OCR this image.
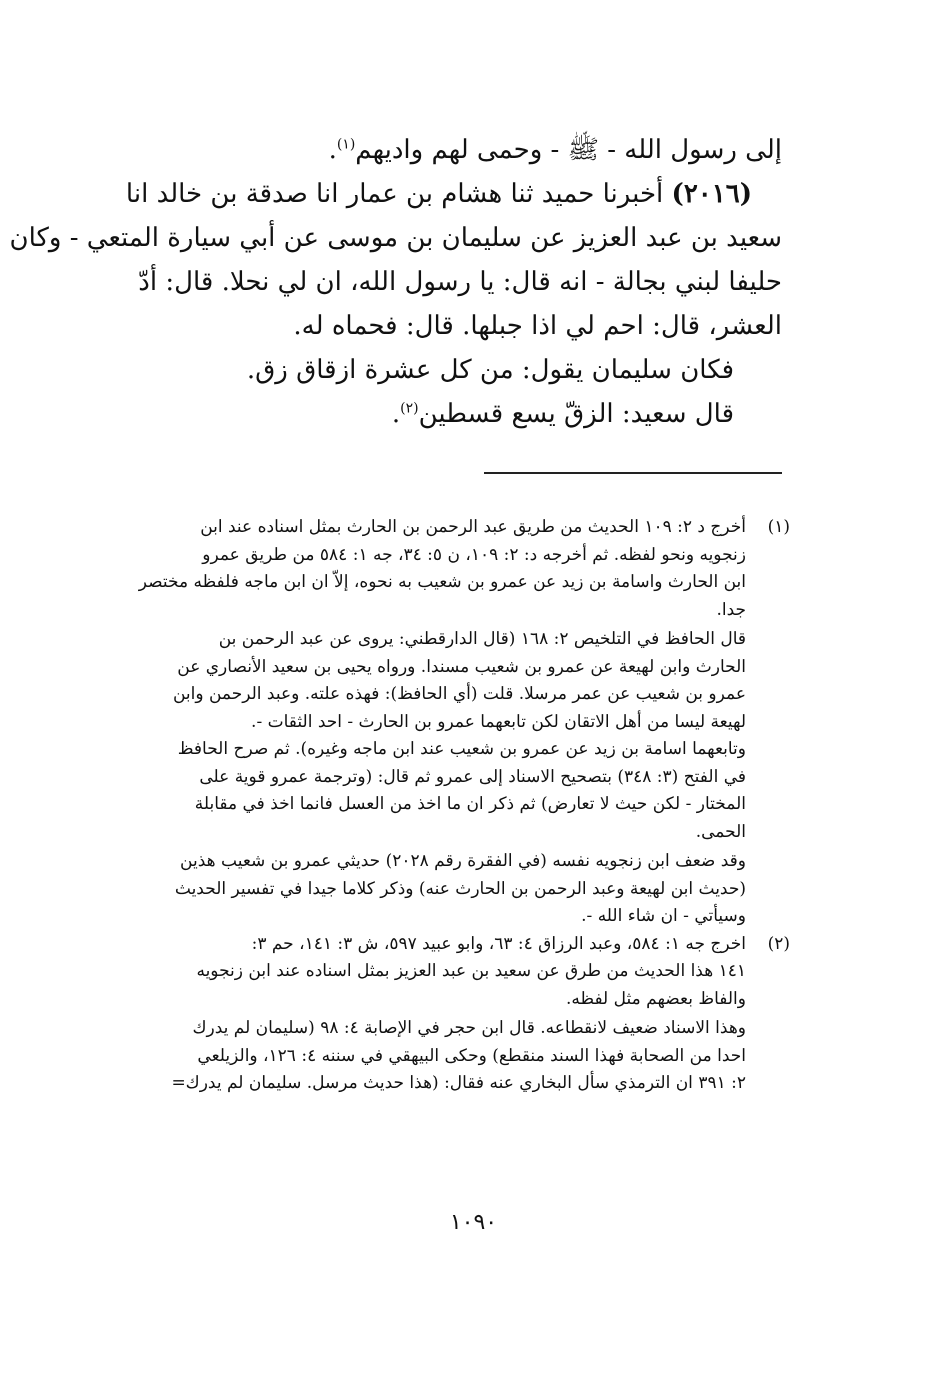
إلى رسول الله - ﷺ - وحمى لهم واديهم$^{(١)}$.

(٢٠١٦) أخبرنا حميد ثنا هشام بن عمار انا صدقة بن خالد انا

سعيد بن عبد العزيز عن سليمان بن موسى عن أبي سيارة المتعي - وكان

حليفا لبني بجالة - انه قال: يا رسول الله، ان لي نحلا. قال: أدّ

العشر، قال: احم لي اذا جبلها. قال: فحماه له.

فكان سليمان يقول: من كل عشرة ازقاق زق.

قال سعيد: الزقّ يسع قسطين$^{(٢)}$.

(١)

أخرج د ٢: ١٠٩ الحديث من طريق عبد الرحمن بن الحارث بمثل اسناده عند ابن

زنجويه ونحو لفظه. ثم أخرجه د: ٢: ١٠٩، ن ٥: ٣٤، جه ١: ٥٨٤ من طريق عمرو

ابن الحارث واسامة بن زيد عن عمرو بن شعيب به نحوه، إلاّ ان ابن ماجه فلفظه مختصر

جدا.

قال الحافظ في التلخيص ٢: ١٦٨ (قال الدارقطني: يروى عن عبد الرحمن بن

الحارث وابن لهيعة عن عمرو بن شعيب مسندا. ورواه يحيى بن سعيد الأنصاري عن

عمرو بن شعيب عن عمر مرسلا. قلت (أي الحافظ): فهذه علته. وعبد الرحمن وابن

لهيعة ليسا من أهل الاتقان لكن تابعهما عمرو بن الحارث - احد الثقات -.

وتابعهما اسامة بن زيد عن عمرو بن شعيب عند ابن ماجه وغيره). ثم صرح الحافظ

في الفتح (٣: ٣٤٨) بتصحيح الاسناد إلى عمرو ثم قال: (وترجمة عمرو قوية على

المختار - لكن حيث لا تعارض) ثم ذكر ان ما اخذ من العسل فانما اخذ في مقابلة

الحمى.

وقد ضعف ابن زنجويه نفسه (في الفقرة رقم ٢٠٢٨) حديثي عمرو بن شعيب هذين

(حديث ابن لهيعة وعبد الرحمن بن الحارث عنه) وذكر كلاما جيدا في تفسير الحديث

وسيأتي - ان شاء الله -.

(٢)

اخرج جه ١: ٥٨٤، وعبد الرزاق ٤: ٦٣، وابو عبيد ٥٩٧، ش ٣: ١٤١، حم ٣:

١٤١ هذا الحديث من طرق عن سعيد بن عبد العزيز بمثل اسناده عند ابن زنجويه

والفاظ بعضهم مثل لفظه.

وهذا الاسناد ضعيف لانقطاعه. قال ابن حجر في الإصابة ٤: ٩٨ (سليمان لم يدرك

احدا من الصحابة فهذا السند منقطع) وحكى البيهقي في سننه ٤: ١٢٦، والزيلعي

٢: ٣٩١ ان الترمذي سأل البخاري عنه فقال: (هذا حديث مرسل. سليمان لم يدرك=

١٠٩٠
